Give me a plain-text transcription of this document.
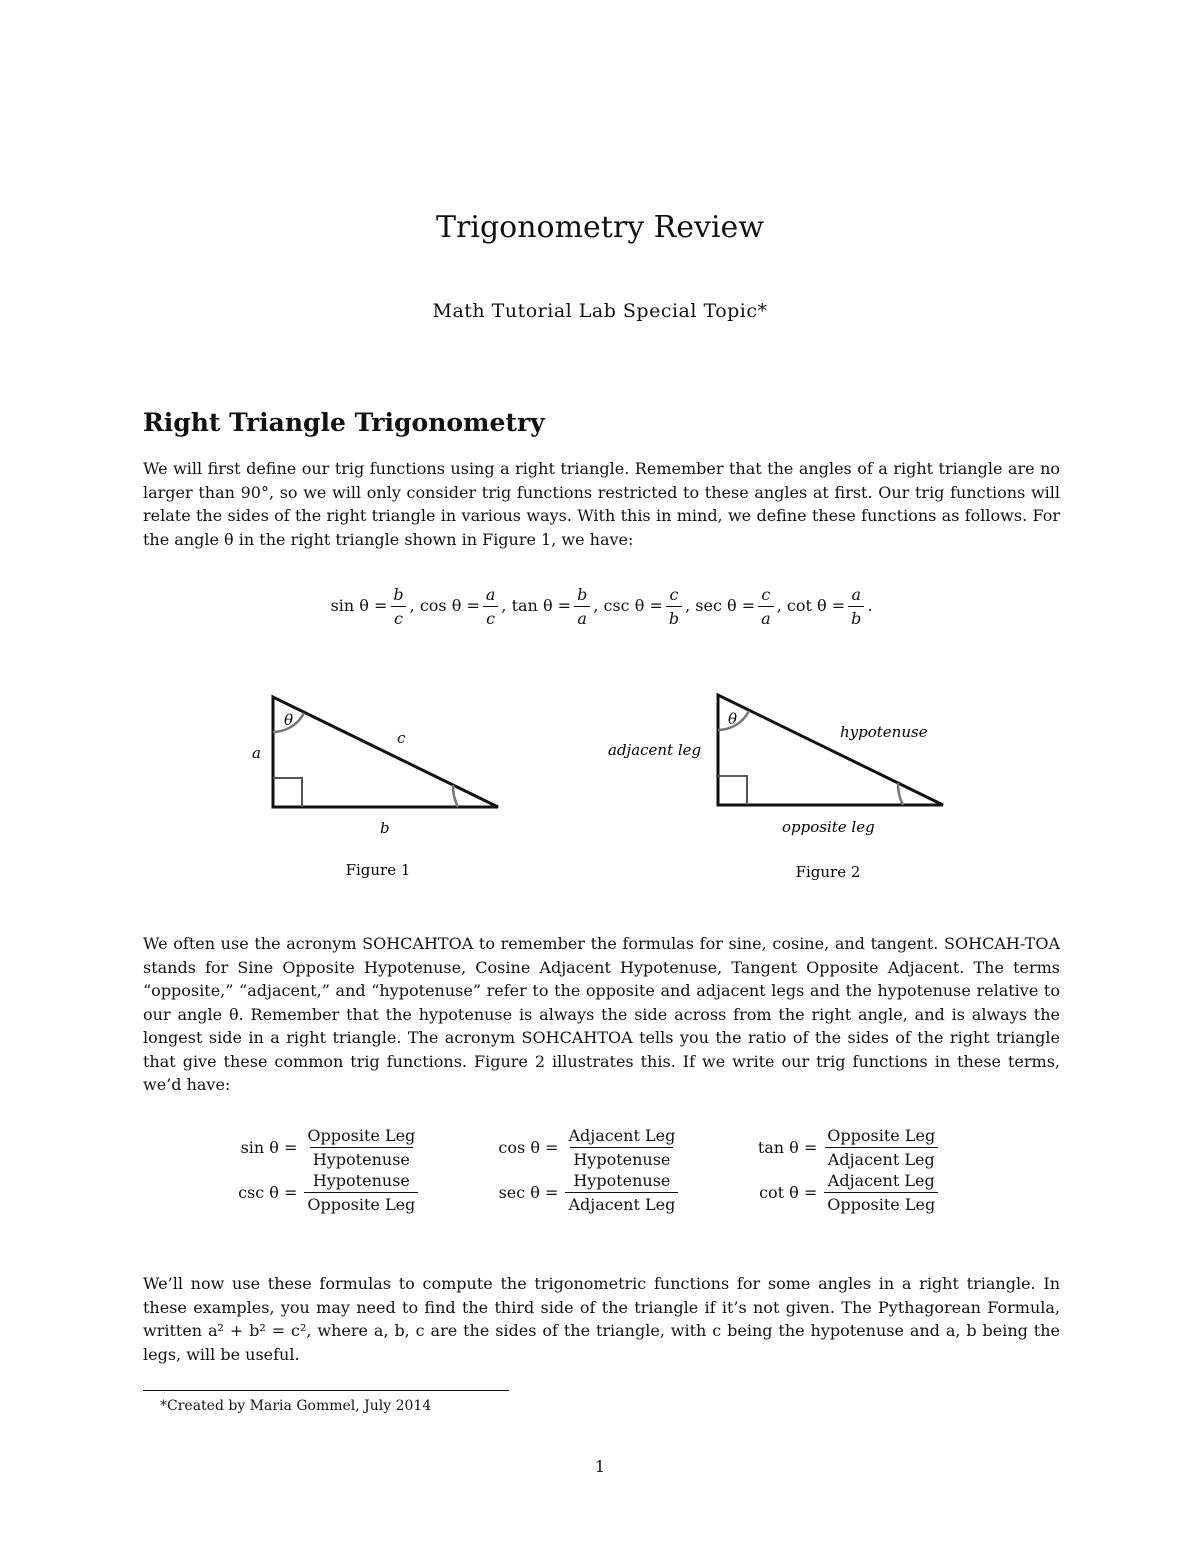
Trigonometry Review
Math Tutorial Lab Special Topic*
Right Triangle Trigonometry

We will first define our trig functions using a right triangle. Remember that the angles of a right triangle are no larger than 90°, so we will only consider trig functions restricted to these angles at first. Our trig functions will relate the sides of the right triangle in various ways. With this in mind, we define these functions as follows. For the angle θ in the right triangle shown in Figure 1, we have:

$\sin \theta = \frac{b}{c}$ , $\cos \theta = \frac{a}{c}$ , $\tan \theta = \frac{b}{a}$ , $\csc \theta = \frac{c}{b}$ , $\sec \theta = \frac{c}{a}$ , $\cot \theta = \frac{a}{b}$ .
θ
a
c
b
Figure 1
θ
adjacent leg
hypotenuse
opposite leg
Figure 2

We often use the acronym SOHCAHTOA to remember the formulas for sine, cosine, and tangent. SOHCAH-TOA stands for Sine Opposite Hypotenuse, Cosine Adjacent Hypotenuse, Tangent Opposite Adjacent. The terms “opposite,” “adjacent,” and “hypotenuse” refer to the opposite and adjacent legs and the hypotenuse relative to our angle θ. Remember that the hypotenuse is always the side across from the right angle, and is always the longest side in a right triangle. The acronym SOHCAHTOA tells you the ratio of the sides of the right triangle that give these common trig functions. Figure 2 illustrates this. If we write our trig functions in these terms, we’d have:

sin θ =	$\frac{\text{Opposite Leg}}{\text{Hypotenuse}}$	cos θ =	$\frac{\text{Adjacent Leg}}{\text{Hypotenuse}}$	tan θ =	$\frac{\text{Opposite Leg}}{\text{Adjacent Leg}}$

csc θ =	$\frac{\text{Hypotenuse}}{\text{Opposite Leg}}$	sec θ =	$\frac{\text{Hypotenuse}}{\text{Adjacent Leg}}$	cot θ =	$\frac{\text{Adjacent Leg}}{\text{Opposite Leg}}$

We’ll now use these formulas to compute the trigonometric functions for some angles in a right triangle. In these examples, you may need to find the third side of the triangle if it’s not given. The Pythagorean Formula, written a² + b² = c², where a, b, c are the sides of the triangle, with c being the hypotenuse and a, b being the legs, will be useful.

*Created by Maria Gommel, July 2014
1
